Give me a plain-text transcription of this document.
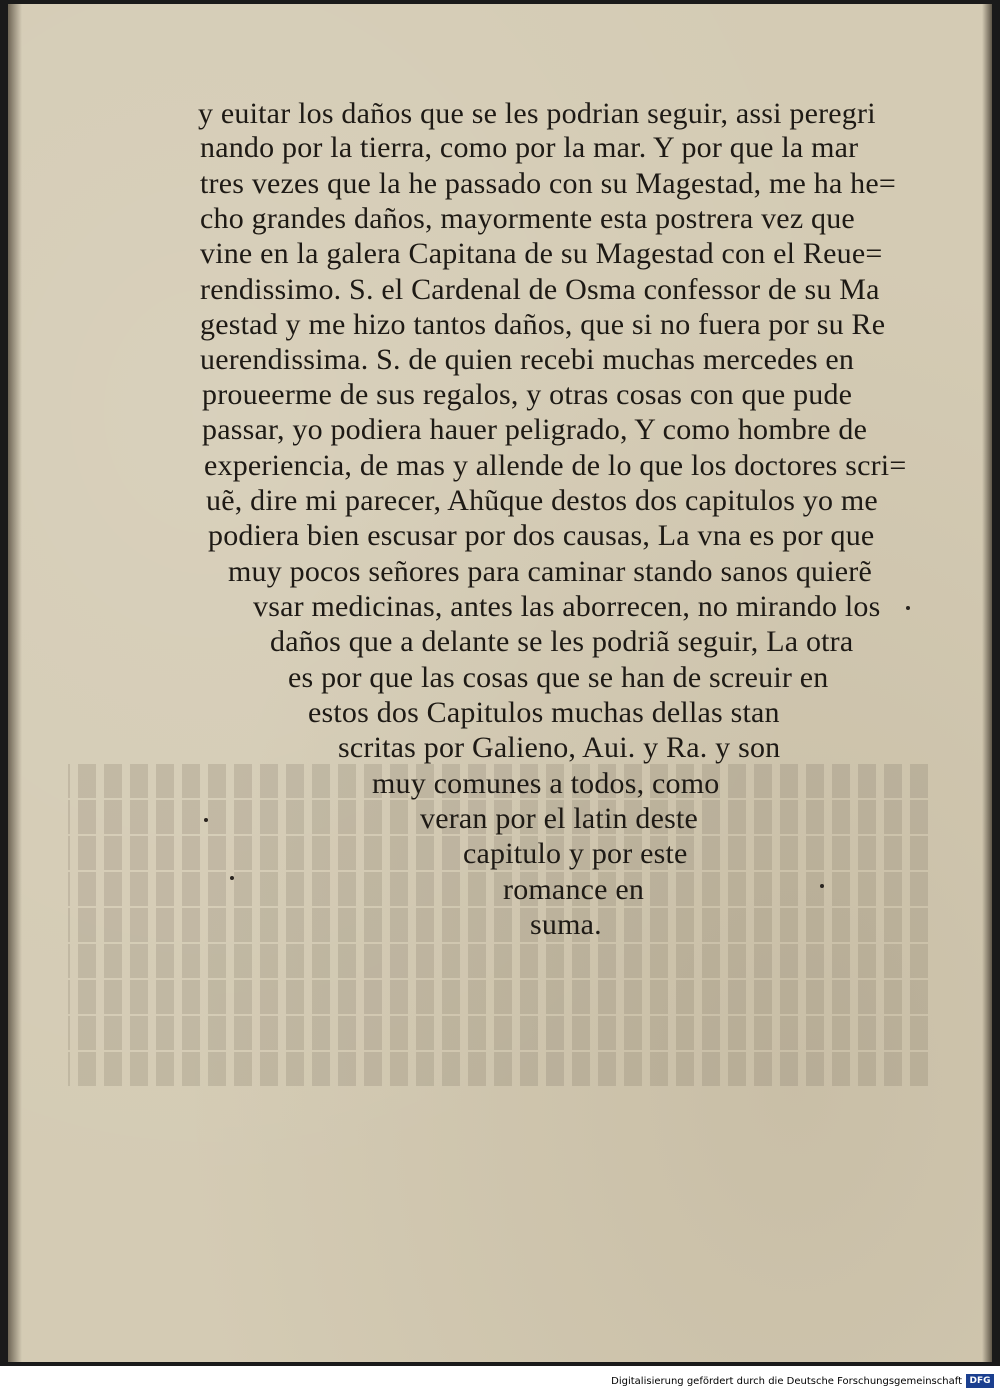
y euitar los daños que se les podrian seguir, assi peregri
nando por la tierra, como por la mar. Y por que la mar
tres vezes que la he passado con su Magestad, me ha he=
cho grandes daños, mayormente esta postrera vez que
vine en la galera Capitana de su Magestad con el Reue=
rendissimo. S. el Cardenal de Osma confessor de su Ma
gestad y me hizo tantos daños, que si no fuera por su Re
uerendissima. S. de quien recebi muchas mercedes en
proueerme de sus regalos, y otras cosas con que pude
passar, yo podiera hauer peligrado, Y como hombre de
experiencia, de mas y allende de lo que los doctores scri=
uẽ, dire mi parecer, Ahũque destos dos capitulos yo me
podiera bien escusar por dos causas, La vna es por que
muy pocos señores para caminar stando sanos quierẽ
vsar medicinas, antes las aborrecen, no mirando los
daños que a delante se les podriã seguir, La otra
es por que las cosas que se han de screuir en
estos dos Capitulos muchas dellas stan
scritas por Galieno, Aui. y Ra. y son
muy comunes a todos, como
veran por el latin deste
capitulo y por este
romance en
suma.
Digitalisierung gefördert durch die Deutsche Forschungsgemeinschaft DFG
